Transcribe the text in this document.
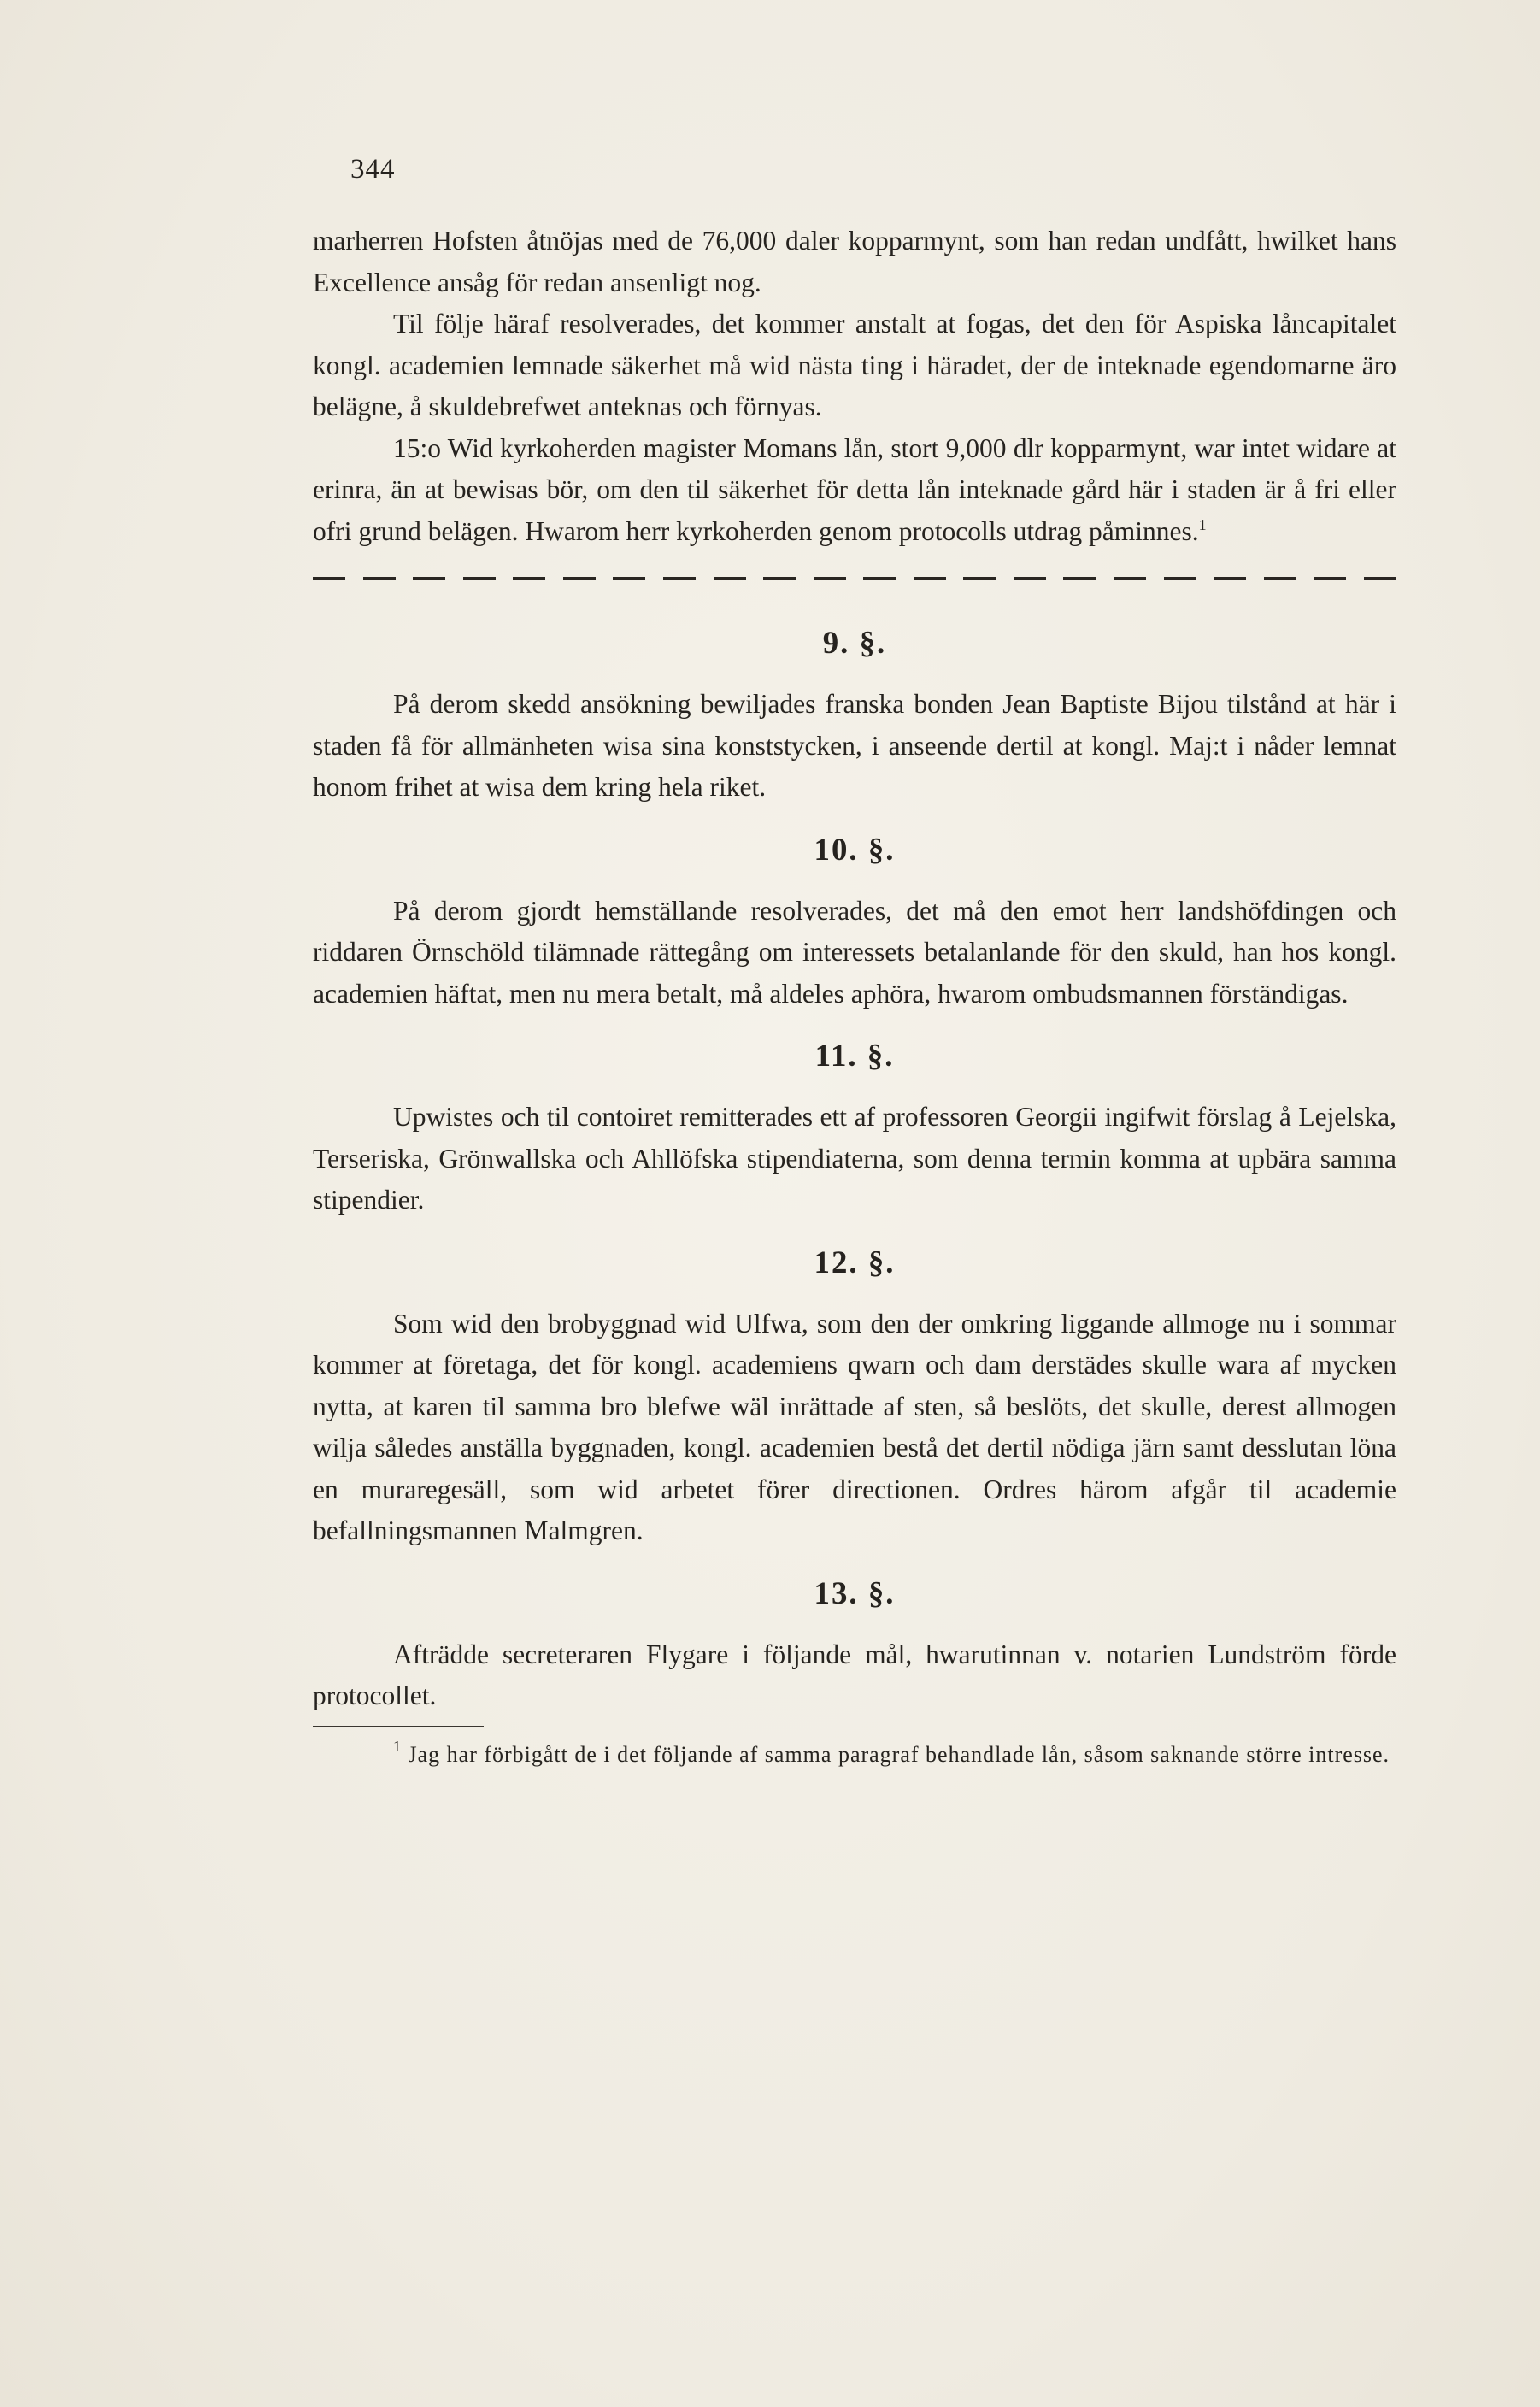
344

marherren Hofsten åtnöjas med de 76,000 daler kopparmynt, som han redan undfått, hwilket hans Excellence ansåg för redan ansenligt nog.

Til följe häraf resolverades, det kommer anstalt at fogas, det den för Aspiska låncapitalet kongl. academien lemnade säkerhet må wid nästa ting i häradet, der de inteknade egendomarne äro belägne, å skuldebrefwet anteknas och förnyas.

15:o Wid kyrkoherden magister Momans lån, stort 9,000 dlr kopparmynt, war intet widare at erinra, än at bewisas bör, om den til säkerhet för detta lån inteknade gård här i staden är å fri eller ofri grund belägen. Hwarom herr kyrkoherden genom protocolls utdrag påminnes.$^1$

9. §.

På derom skedd ansökning bewiljades franska bonden Jean Baptiste Bijou tilstånd at här i staden få för allmänheten wisa sina konststycken, i anseende dertil at kongl. Maj:t i nåder lemnat honom frihet at wisa dem kring hela riket.

10. §.

På derom gjordt hemställande resolverades, det må den emot herr landshöfdingen och riddaren Örnschöld tilämnade rättegång om interessets betalanlande för den skuld, han hos kongl. academien häftat, men nu mera betalt, må aldeles aphöra, hwarom ombudsmannen förständigas.

11. §.

Upwistes och til contoiret remitterades ett af professoren Georgii ingifwit förslag å Lejelska, Terseriska, Grönwallska och Ahllöfska stipendiaterna, som denna termin komma at upbära samma stipendier.

12. §.

Som wid den brobyggnad wid Ulfwa, som den der omkring liggande allmoge nu i sommar kommer at företaga, det för kongl. academiens qwarn och dam derstädes skulle wara af mycken nytta, at karen til samma bro blefwe wäl inrättade af sten, så beslöts, det skulle, derest allmogen wilja således anställa byggnaden, kongl. academien bestå det dertil nödiga järn samt desslutan löna en muraregesäll, som wid arbetet förer directionen. Ordres härom afgår til academie befallningsmannen Malmgren.

13. §.

Afträdde secreteraren Flygare i följande mål, hwarutinnan v. notarien Lundström förde protocollet.

$^1$ Jag har förbigått de i det följande af samma paragraf behandlade lån, såsom saknande större intresse.
